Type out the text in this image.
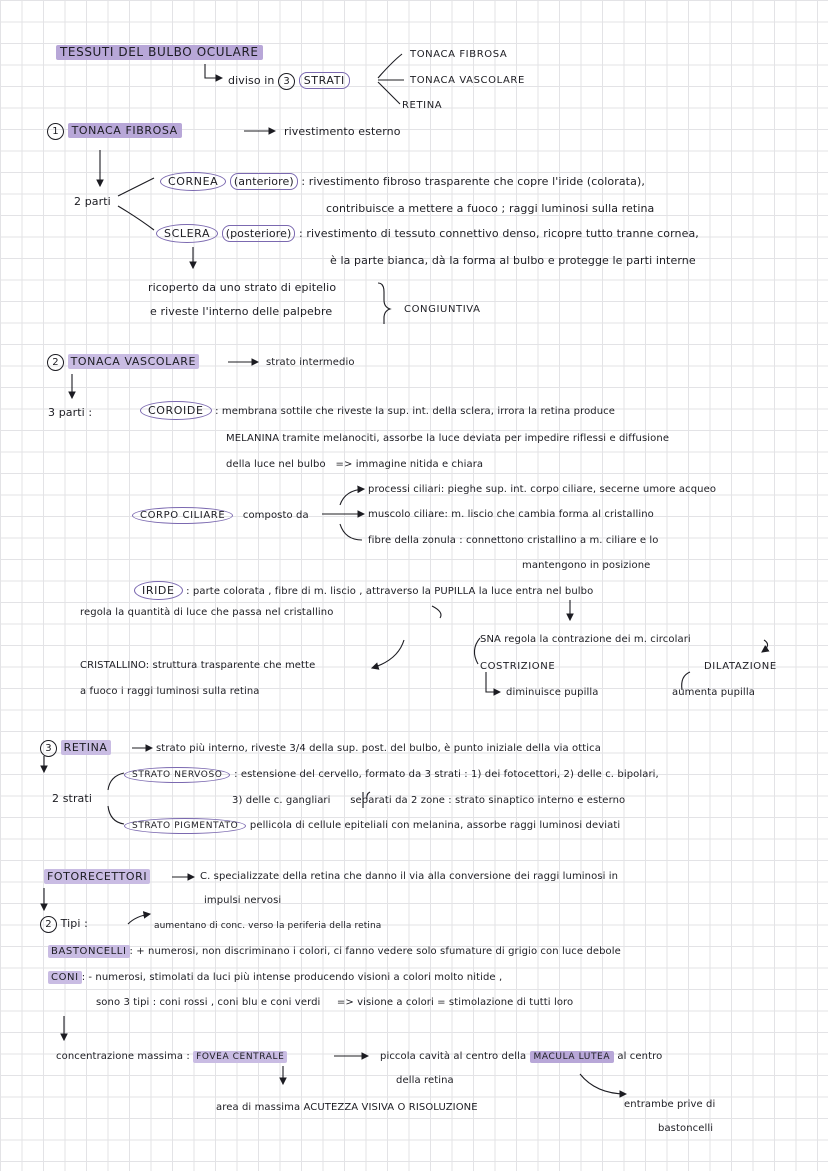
TESSUTI DEL BULBO OCULARE
diviso in 3 STRATI
TONACA FIBROSA
TONACA VASCOLARE
RETINA
1 TONACA FIBROSA	rivestimento esterno
2 parti
CORNEA (anteriore) : rivestimento fibroso trasparente che copre l'iride (colorata),
contribuisce a mettere a fuoco ; raggi luminosi sulla retina
SCLERA (posteriore) : rivestimento di tessuto connettivo denso, ricopre tutto tranne cornea,
è la parte bianca, dà la forma al bulbo e protegge le parti interne
ricoperto da uno strato di epitelio
e riveste l'interno delle palpebre	CONGIUNTIVA
2 TONACA VASCOLARE	strato intermedio
3 parti :	COROIDE : membrana sottile che riveste la sup. int. della sclera, irrora la retina produce
MELANINA tramite melanociti, assorbe la luce deviata per impedire riflessi e diffusione
della luce nel bulbo => immagine nitida e chiara
CORPO CILIARE composto da
processi ciliari: pieghe sup. int. corpo ciliare, secerne umore acqueo
muscolo ciliare: m. liscio che cambia forma al cristallino
fibre della zonula : connettono cristallino a m. ciliare e lo
mantengono in posizione
IRIDE : parte colorata , fibre di m. liscio , attraverso la PUPILLA la luce entra nel bulbo
regola la quantità di luce che passa nel cristallino
SNA regola la contrazione dei m. circolari
COSTRIZIONE
diminuisce pupilla
DILATAZIONE
aumenta pupilla
CRISTALLINO: struttura trasparente che mette
a fuoco i raggi luminosi sulla retina
3 RETINA	strato più interno, riveste 3/4 della sup. post. del bulbo, è punto iniziale della via ottica
2 strati
STRATO NERVOSO : estensione del cervello, formato da 3 strati : 1) dei fotocettori, 2) delle c. bipolari,
3) delle c. gangliari separati da 2 zone : strato sinaptico interno e esterno
STRATO PIGMENTATO pellicola di cellule epiteliali con melanina, assorbe raggi luminosi deviati
FOTORECETTORI	C. specializzate della retina che danno il via alla conversione dei raggi luminosi in
impulsi nervosi
2 Tipi :	aumentano di conc. verso la periferia della retina
BASTONCELLI : + numerosi, non discriminano i colori, ci fanno vedere solo sfumature di grigio con luce debole
CONI : - numerosi, stimolati da luci più intense producendo visioni a colori molto nitide ,
sono 3 tipi : coni rossi , coni blu e coni verdi => visione a colori = stimolazione di tutti loro
concentrazione massima : FOVEA CENTRALE	piccola cavità al centro della MACULA LUTEA al centro
della retina
area di massima ACUTEZZA VISIVA O RISOLUZIONE	entrambe prive di
bastoncelli
